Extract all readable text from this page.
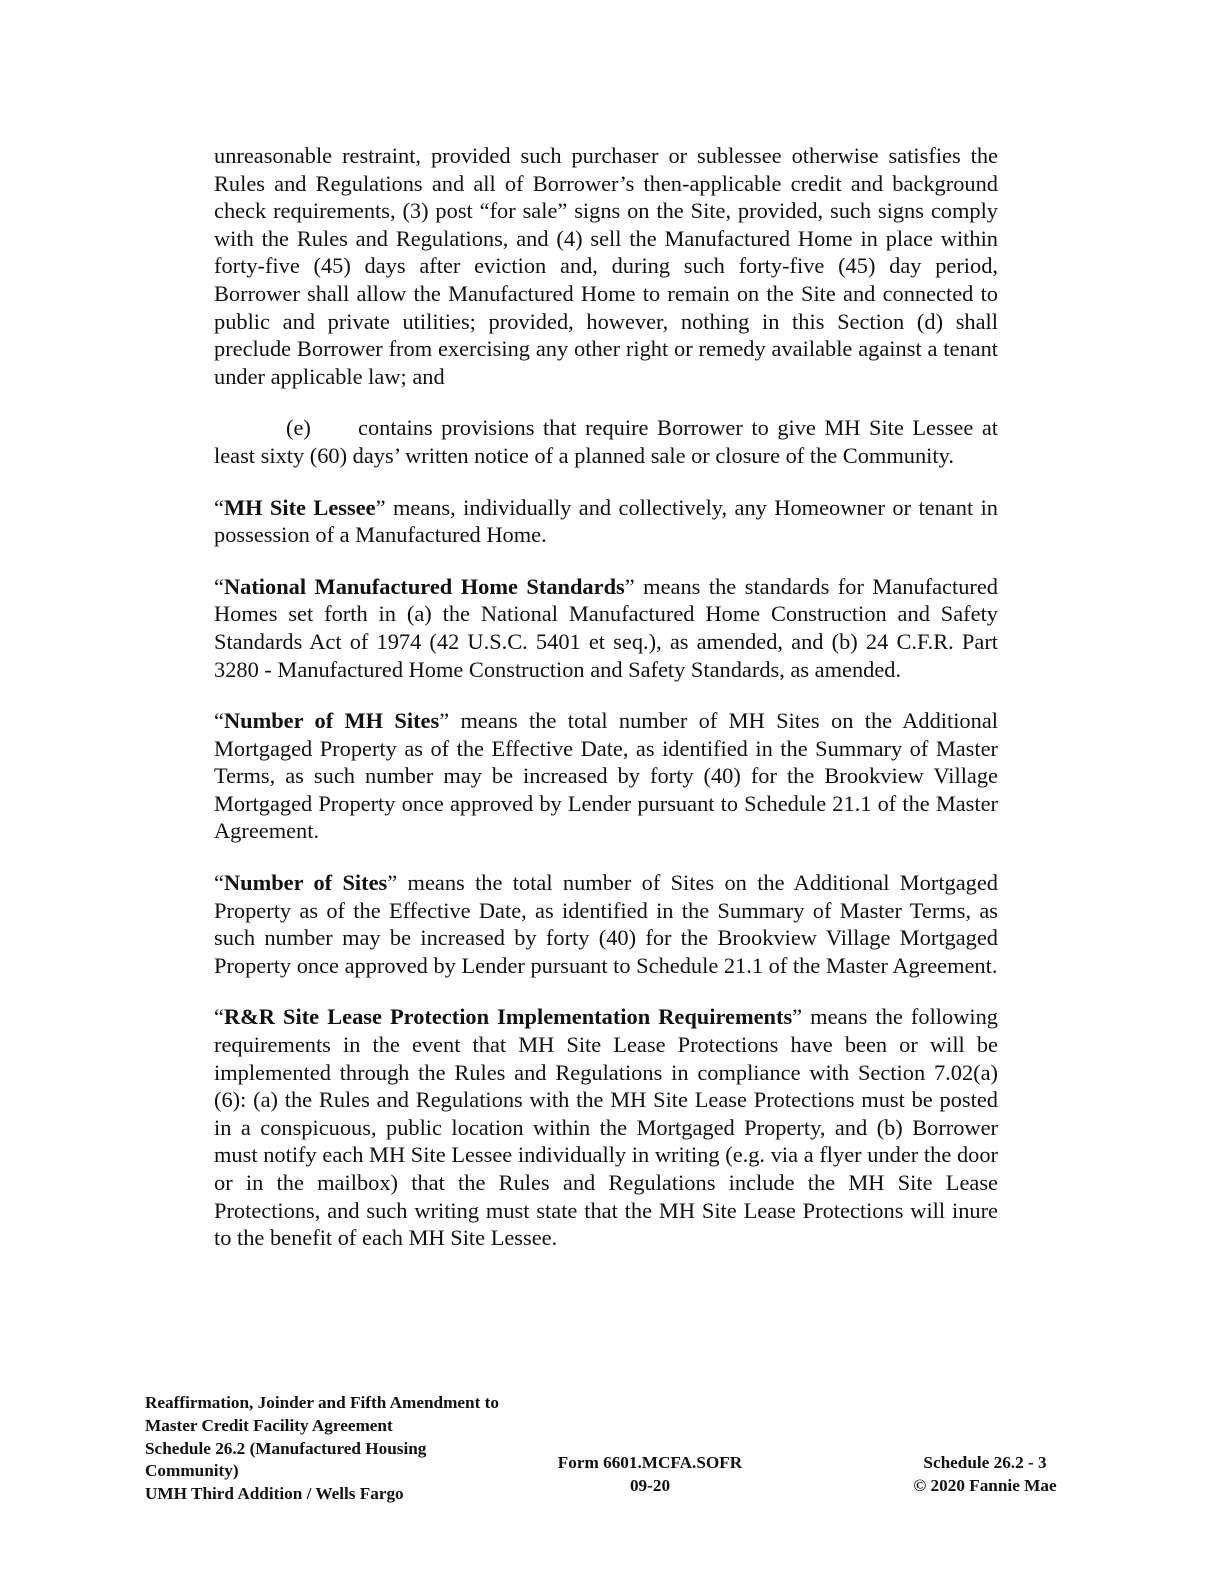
unreasonable restraint, provided such purchaser or sublessee otherwise satisfies the Rules and Regulations and all of Borrower’s then-applicable credit and background check requirements, (3) post “for sale” signs on the Site, provided, such signs comply with the Rules and Regulations, and (4) sell the Manufactured Home in place within forty-five (45) days after eviction and, during such forty-five (45) day period, Borrower shall allow the Manufactured Home to remain on the Site and connected to public and private utilities; provided, however, nothing in this Section (d) shall preclude Borrower from exercising any other right or remedy available against a tenant under applicable law; and

(e) contains provisions that require Borrower to give MH Site Lessee at least sixty (60) days’ written notice of a planned sale or closure of the Community.

“MH Site Lessee” means, individually and collectively, any Homeowner or tenant in possession of a Manufactured Home.

“National Manufactured Home Standards” means the standards for Manufactured Homes set forth in (a) the National Manufactured Home Construction and Safety Standards Act of 1974 (42 U.S.C. 5401 et seq.), as amended, and (b) 24 C.F.R. Part 3280 - Manufactured Home Construction and Safety Standards, as amended.

“Number of MH Sites” means the total number of MH Sites on the Additional Mortgaged Property as of the Effective Date, as identified in the Summary of Master Terms, as such number may be increased by forty (40) for the Brookview Village Mortgaged Property once approved by Lender pursuant to Schedule 21.1 of the Master Agreement.

“Number of Sites” means the total number of Sites on the Additional Mortgaged Property as of the Effective Date, as identified in the Summary of Master Terms, as such number may be increased by forty (40) for the Brookview Village Mortgaged Property once approved by Lender pursuant to Schedule 21.1 of the Master Agreement.

“R&R Site Lease Protection Implementation Requirements” means the following requirements in the event that MH Site Lease Protections have been or will be implemented through the Rules and Regulations in compliance with Section 7.02(a)(6): (a) the Rules and Regulations with the MH Site Lease Protections must be posted in a conspicuous, public location within the Mortgaged Property, and (b) Borrower must notify each MH Site Lessee individually in writing (e.g. via a flyer under the door or in the mailbox) that the Rules and Regulations include the MH Site Lease Protections, and such writing must state that the MH Site Lease Protections will inure to the benefit of each MH Site Lessee.

Reaffirmation, Joinder and Fifth Amendment to
Master Credit Facility Agreement
Schedule 26.2 (Manufactured Housing
Community)
UMH Third Addition / Wells Fargo
Form 6601.MCFA.SOFR
09-20
Schedule 26.2 - 3
© 2020 Fannie Mae
